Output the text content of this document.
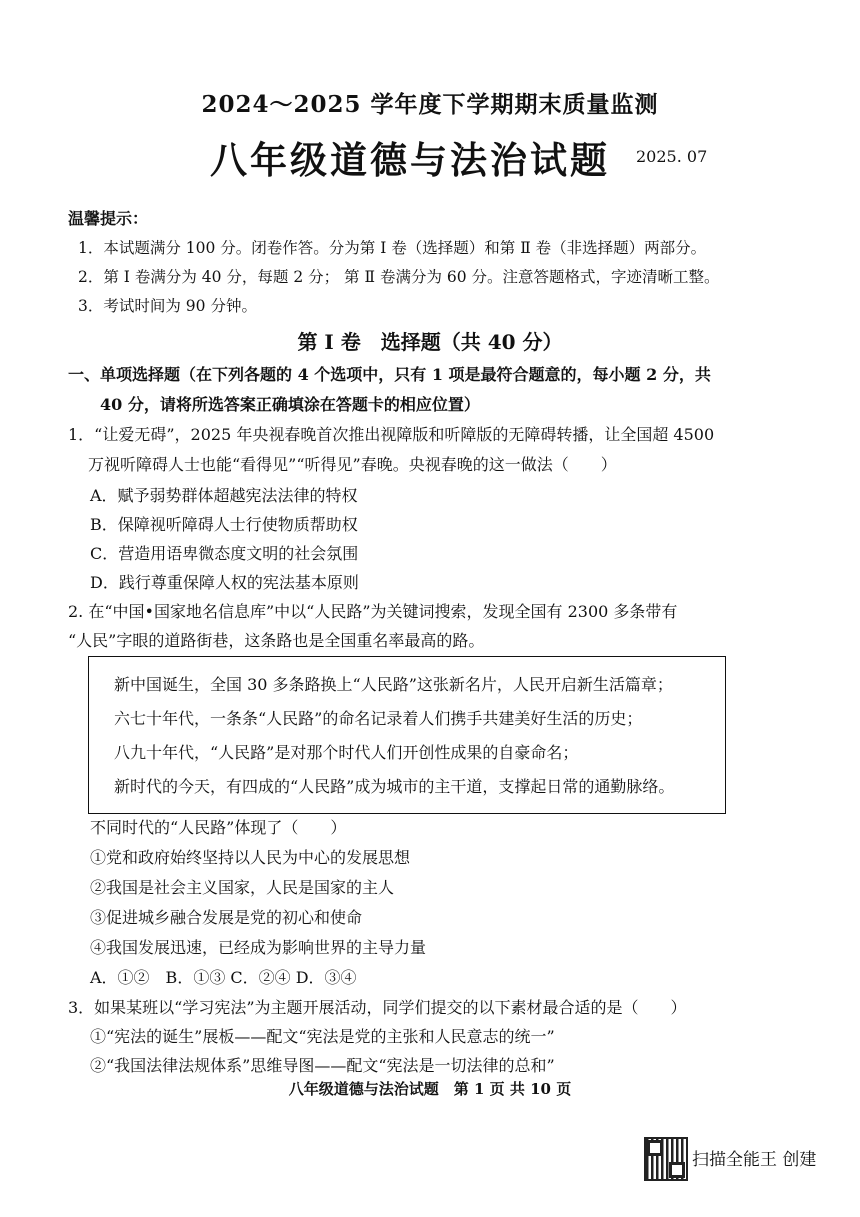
2024～2025 学年度下学期期末质量监测
八年级道德与法治试题 2025. 07
温馨提示：
1．本试题满分 100 分。闭卷作答。分为第 Ⅰ 卷（选择题）和第 Ⅱ 卷（非选择题）两部分。
2．第 Ⅰ 卷满分为 40 分，每题 2 分； 第 Ⅱ 卷满分为 60 分。注意答题格式，字迹清晰工整。
3．考试时间为 90 分钟。
第 Ⅰ 卷　选择题（共 40 分）
一、单项选择题（在下列各题的 4 个选项中，只有 1 项是最符合题意的，每小题 2 分，共
40 分，请将所选答案正确填涂在答题卡的相应位置）
1．“让爱无碍”，2025 年央视春晚首次推出视障版和听障版的无障碍转播，让全国超 4500
万视听障碍人士也能“看得见”“听得见”春晚。央视春晚的这一做法（　　）
A．赋予弱势群体超越宪法法律的特权
B．保障视听障碍人士行使物质帮助权
C．营造用语卑微态度文明的社会氛围
D．践行尊重保障人权的宪法基本原则
2. 在“中国•国家地名信息库”中以“人民路”为关键词搜索，发现全国有 2300 多条带有
“人民”字眼的道路街巷，这条路也是全国重名率最高的路。
新中国诞生，全国 30 多条路换上“人民路”这张新名片，人民开启新生活篇章；
六七十年代，一条条“人民路”的命名记录着人们携手共建美好生活的历史；
八九十年代，“人民路”是对那个时代人们开创性成果的自豪命名；
新时代的今天，有四成的“人民路”成为城市的主干道，支撑起日常的通勤脉络。
不同时代的“人民路”体现了（　　）
①党和政府始终坚持以人民为中心的发展思想
②我国是社会主义国家，人民是国家的主人
③促进城乡融合发展是党的初心和使命
④我国发展迅速，已经成为影响世界的主导力量
A．①②　B．①③ C．②④ D．③④
3．如果某班以“学习宪法”为主题开展活动，同学们提交的以下素材最合适的是（　　）
①“宪法的诞生”展板——配文“宪法是党的主张和人民意志的统一”
②“我国法律法规体系”思维导图——配文“宪法是一切法律的总和”
八年级道德与法治试题　第 1 页 共 10 页
扫描全能王 创建
